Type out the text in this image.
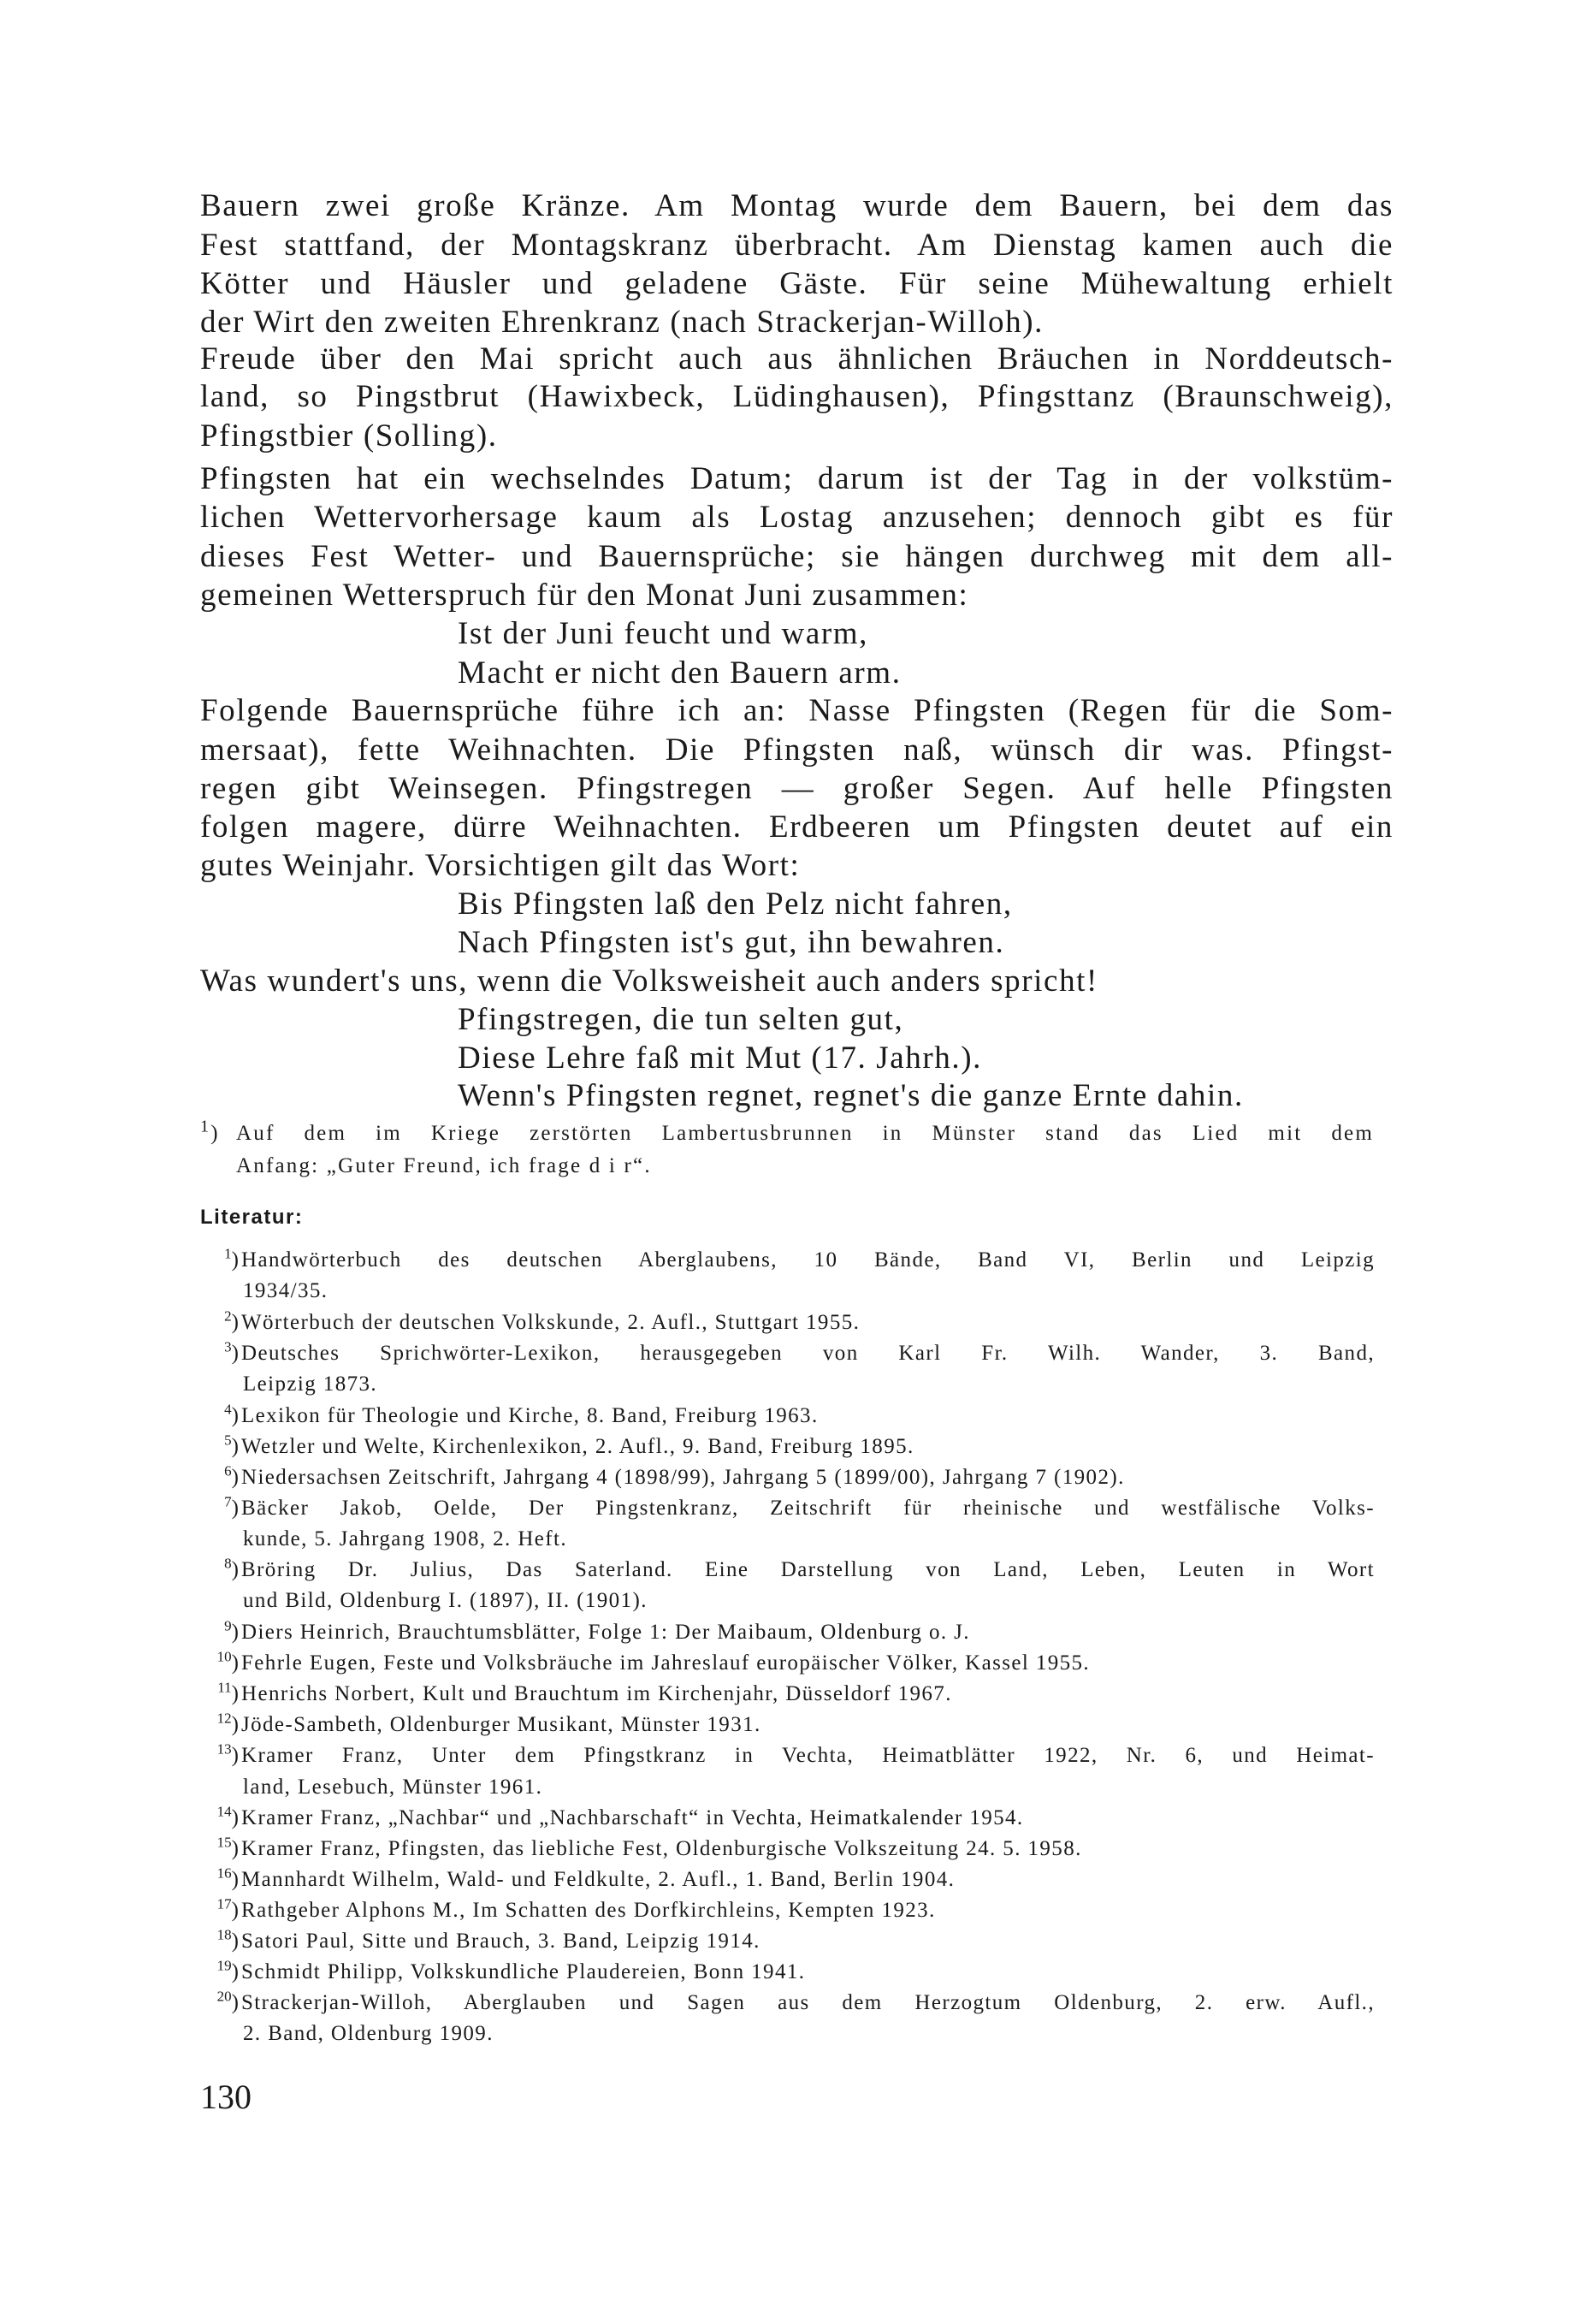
Bauern zwei große Kränze. Am Montag wurde dem Bauern, bei dem das
Fest stattfand, der Montagskranz überbracht. Am Dienstag kamen auch die
Kötter und Häusler und geladene Gäste. Für seine Mühewaltung erhielt
der Wirt den zweiten Ehrenkranz (nach Strackerjan-Willoh).
Freude über den Mai spricht auch aus ähnlichen Bräuchen in Norddeutsch-
land, so Pingstbrut (Hawixbeck, Lüdinghausen), Pfingsttanz (Braunschweig),
Pfingstbier (Solling).
Pfingsten hat ein wechselndes Datum; darum ist der Tag in der volkstüm-
lichen Wettervorhersage kaum als Lostag anzusehen; dennoch gibt es für
dieses Fest Wetter- und Bauernsprüche; sie hängen durchweg mit dem all-
gemeinen Wetterspruch für den Monat Juni zusammen:
Ist der Juni feucht und warm,
Macht er nicht den Bauern arm.
Folgende Bauernsprüche führe ich an: Nasse Pfingsten (Regen für die Som-
mersaat), fette Weihnachten. Die Pfingsten naß, wünsch dir was. Pfingst-
regen gibt Weinsegen. Pfingstregen — großer Segen. Auf helle Pfingsten
folgen magere, dürre Weihnachten. Erdbeeren um Pfingsten deutet auf ein
gutes Weinjahr. Vorsichtigen gilt das Wort:
Bis Pfingsten laß den Pelz nicht fahren,
Nach Pfingsten ist's gut, ihn bewahren.
Was wundert's uns, wenn die Volksweisheit auch anders spricht!
Pfingstregen, die tun selten gut,
Diese Lehre faß mit Mut (17. Jahrh.).
Wenn's Pfingsten regnet, regnet's die ganze Ernte dahin.
$^1$) Auf dem im Kriege zerstörten Lambertusbrunnen in Münster stand das Lied mit dem
Anfang: „Guter Freund, ich frage d i r“.
Literatur:
$^1$) Handwörterbuch des deutschen Aberglaubens, 10 Bände, Band VI, Berlin und Leipzig
1934/35.
$^2$) Wörterbuch der deutschen Volkskunde, 2. Aufl., Stuttgart 1955.
$^3$) Deutsches Sprichwörter-Lexikon, herausgegeben von Karl Fr. Wilh. Wander, 3. Band,
Leipzig 1873.
$^4$) Lexikon für Theologie und Kirche, 8. Band, Freiburg 1963.
$^5$) Wetzler und Welte, Kirchenlexikon, 2. Aufl., 9. Band, Freiburg 1895.
$^6$) Niedersachsen Zeitschrift, Jahrgang 4 (1898/99), Jahrgang 5 (1899/00), Jahrgang 7 (1902).
$^7$) Bäcker Jakob, Oelde, Der Pingstenkranz, Zeitschrift für rheinische und westfälische Volks-
kunde, 5. Jahrgang 1908, 2. Heft.
$^8$) Bröring Dr. Julius, Das Saterland. Eine Darstellung von Land, Leben, Leuten in Wort
und Bild, Oldenburg I. (1897), II. (1901).
$^9$) Diers Heinrich, Brauchtumsblätter, Folge 1: Der Maibaum, Oldenburg o. J.
$^{10}$) Fehrle Eugen, Feste und Volksbräuche im Jahreslauf europäischer Völker, Kassel 1955.
$^{11}$) Henrichs Norbert, Kult und Brauchtum im Kirchenjahr, Düsseldorf 1967.
$^{12}$) Jöde-Sambeth, Oldenburger Musikant, Münster 1931.
$^{13}$) Kramer Franz, Unter dem Pfingstkranz in Vechta, Heimatblätter 1922, Nr. 6, und Heimat-
land, Lesebuch, Münster 1961.
$^{14}$) Kramer Franz, „Nachbar“ und „Nachbarschaft“ in Vechta, Heimatkalender 1954.
$^{15}$) Kramer Franz, Pfingsten, das liebliche Fest, Oldenburgische Volkszeitung 24. 5. 1958.
$^{16}$) Mannhardt Wilhelm, Wald- und Feldkulte, 2. Aufl., 1. Band, Berlin 1904.
$^{17}$) Rathgeber Alphons M., Im Schatten des Dorfkirchleins, Kempten 1923.
$^{18}$) Satori Paul, Sitte und Brauch, 3. Band, Leipzig 1914.
$^{19}$) Schmidt Philipp, Volkskundliche Plaudereien, Bonn 1941.
$^{20}$) Strackerjan-Willoh, Aberglauben und Sagen aus dem Herzogtum Oldenburg, 2. erw. Aufl.,
2. Band, Oldenburg 1909.
130
